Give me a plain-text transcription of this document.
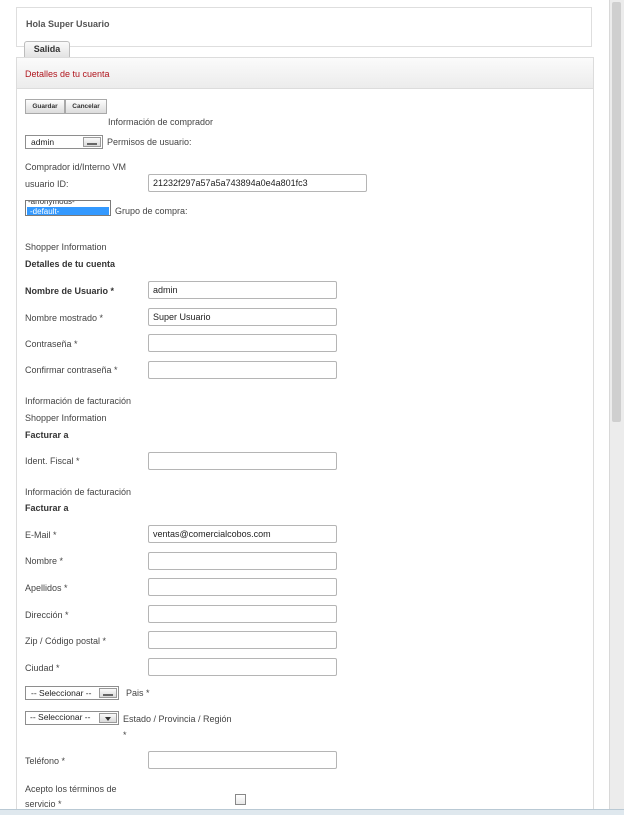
Hola Super Usuario
Salida
Detalles de tu cuenta
Guardar	Cancelar
Información de comprador
admin	Permisos de usuario:
Comprador id/Interno VM
usuario ID:	21232f297a57a5a743894a0e4a801fc3
-anonymous-
-default-	Grupo de compra:
Shopper Information
Detalles de tu cuenta
Nombre de Usuario *	admin
Nombre mostrado *	Super Usuario
Contraseña *
Confirmar contraseña *
Información de facturación
Shopper Information
Facturar a
Ident. Fiscal *
Información de facturación
Facturar a
E-Mail *	ventas@comercialcobos.com
Nombre *
Apellidos *
Dirección *
Zip / Código postal *
Ciudad *
-- Seleccionar --	Pais *
-- Seleccionar --	Estado / Provincia / Región
*
Teléfono *
Acepto los términos de
servicio *
